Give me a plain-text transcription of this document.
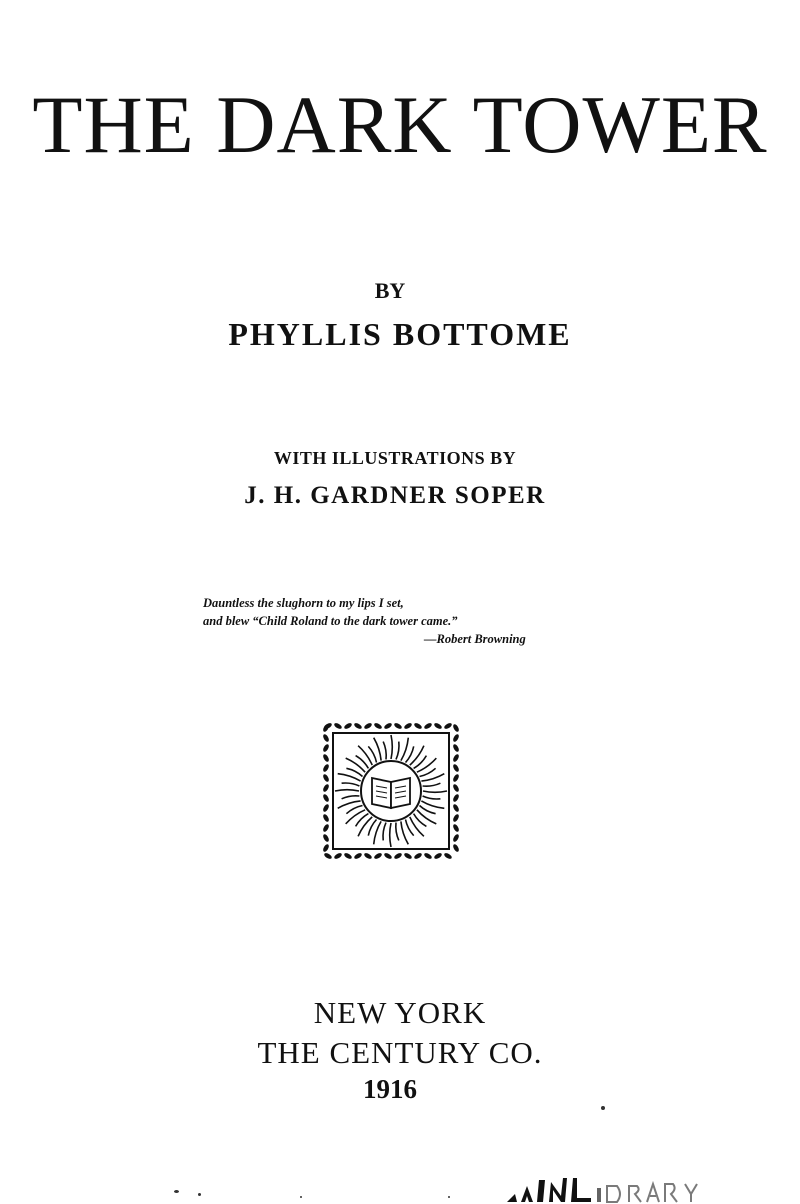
THE DARK TOWER
BY
PHYLLIS BOTTOME
WITH ILLUSTRATIONS BY
J. H. GARDNER SOPER
Dauntless the slughorn to my lips I set,
and blew “Child Roland to the dark tower came.”
—Robert Browning
NEW YORK
THE CENTURY CO.
1916
